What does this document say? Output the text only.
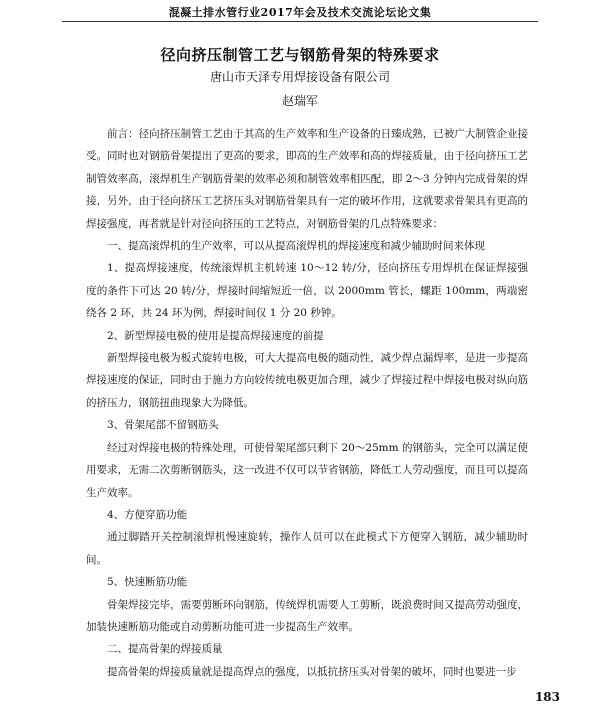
混凝土排水管行业2017年会及技术交流论坛论文集
径向挤压制管工艺与钢筋骨架的特殊要求
唐山市天泽专用焊接设备有限公司
赵瑞军

前言：径向挤压制管工艺由于其高的生产效率和生产设备的日臻成熟，已被广大制管企业接受。同时也对钢筋骨架提出了更高的要求，即高的生产效率和高的焊接质量，由于径向挤压工艺制管效率高，滚焊机生产钢筋骨架的效率必须和制管效率相匹配，即 2～3 分钟内完成骨架的焊接，另外，由于径向挤压工艺挤压头对钢筋骨架具有一定的破坏作用，这就要求骨架具有更高的焊接强度，再者就是针对径向挤压的工艺特点，对钢筋骨架的几点特殊要求：

一、提高滚焊机的生产效率，可以从提高滚焊机的焊接速度和减少辅助时间来体现

1、提高焊接速度，传统滚焊机主机转速 10～12 转/分，径向挤压专用焊机在保证焊接强度的条件下可达 20 转/分，焊接时间缩短近一倍，以 2000mm 管长，螺距 100mm，两端密绕各 2 环，共 24 环为例，焊接时间仅 1 分 20 秒钟。

2、新型焊接电极的使用是提高焊接速度的前提

新型焊接电极为板式旋转电极，可大大提高电极的随动性，减少焊点漏焊率，是进一步提高焊接速度的保证，同时由于施力方向较传统电极更加合理，减少了焊接过程中焊接电极对纵向筋的挤压力，钢筋扭曲现象大为降低。

3、骨架尾部不留钢筋头

经过对焊接电极的特殊处理，可使骨架尾部只剩下 20～25mm 的钢筋头，完全可以满足使用要求，无需二次剪断钢筋头，这一改进不仅可以节省钢筋，降低工人劳动强度，而且可以提高生产效率。

4、方便穿筋功能

通过脚踏开关控制滚焊机慢速旋转，操作人员可以在此模式下方便穿入钢筋，减少辅助时间。

5、快速断筋功能

骨架焊接完毕，需要剪断环向钢筋，传统焊机需要人工剪断，既浪费时间又提高劳动强度，加装快速断筋功能或自动剪断功能可进一步提高生产效率。

二、提高骨架的焊接质量

提高骨架的焊接质量就是提高焊点的强度，以抵抗挤压头对骨架的破坏，同时也要进一步

183
